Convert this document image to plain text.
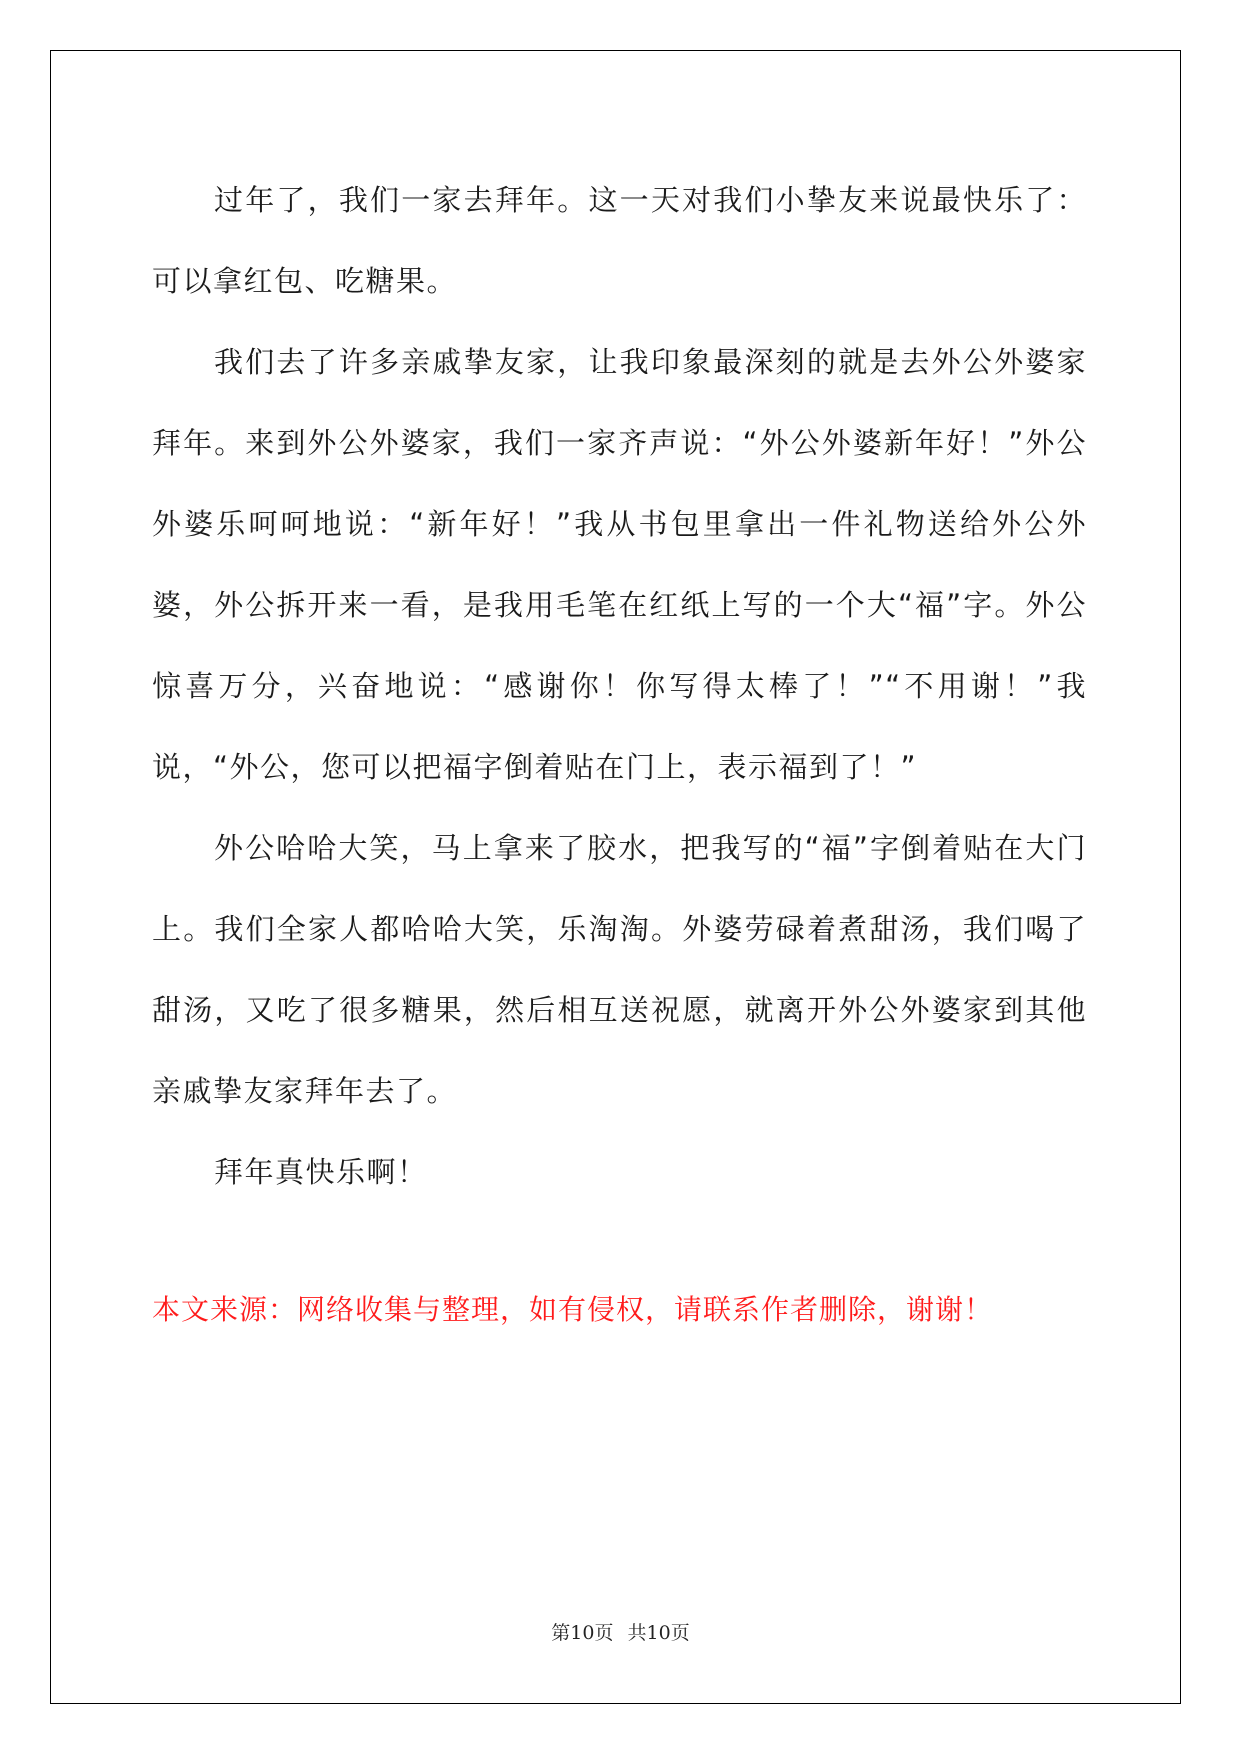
过年了，我们一家去拜年。这一天对我们小挚友来说最快乐了：可以拿红包、吃糖果。

我们去了许多亲戚挚友家，让我印象最深刻的就是去外公外婆家拜年。来到外公外婆家，我们一家齐声说：“外公外婆新年好！”外公外婆乐呵呵地说：“新年好！”我从书包里拿出一件礼物送给外公外婆，外公拆开来一看，是我用毛笔在红纸上写的一个大“福”字。外公惊喜万分，兴奋地说：“感谢你！你写得太棒了！”“不用谢！”我说，“外公，您可以把福字倒着贴在门上，表示福到了！”

外公哈哈大笑，马上拿来了胶水，把我写的“福”字倒着贴在大门上。我们全家人都哈哈大笑，乐淘淘。外婆劳碌着煮甜汤，我们喝了甜汤，又吃了很多糖果，然后相互送祝愿，就离开外公外婆家到其他亲戚挚友家拜年去了。

拜年真快乐啊！

本文来源：网络收集与整理，如有侵权，请联系作者删除，谢谢！

第10页 共10页
